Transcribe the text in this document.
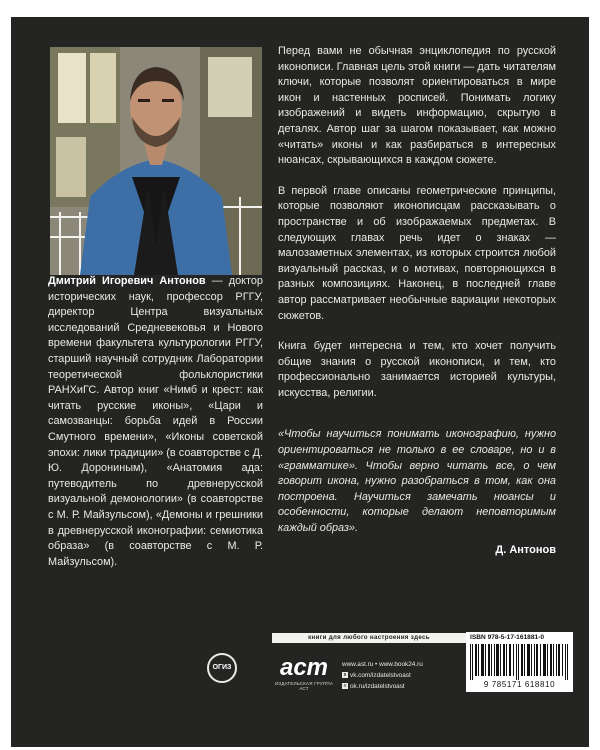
Дмитрий Игоревич Антонов — доктор исторических наук, профессор РГГУ, директор Центра визуальных исследований Средневековья и Нового времени факультета культурологии РГГУ, старший научный сотрудник Лаборатории теоретической фольклористики РАНХиГС. Автор книг «Нимб и крест: как читать русские иконы», «Цари и самозванцы: борьба идей в России Смутного времени», «Иконы советской эпохи: лики традиции» (в соавторстве с Д. Ю. Дорониным), «Анатомия ада: путеводитель по древнерусской визуальной демонологии» (в соавторстве с М. Р. Майзульсом), «Демоны и грешники в древнерусской иконографии: семиотика образа» (в соавторстве с М. Р. Майзульсом).

Перед вами не обычная энциклопедия по русской иконописи. Главная цель этой книги — дать читателям ключи, которые позволят ориентироваться в мире икон и настенных росписей. Понимать логику изображений и видеть информацию, скрытую в деталях. Автор шаг за шагом показывает, как можно «читать» иконы и как разбираться в интересных нюансах, скрывающихся в каждом сюжете.

В первой главе описаны геометрические принципы, которые позволяют иконописцам рассказывать о пространстве и об изображаемых предметах. В следующих главах речь идет о знаках — малозаметных элементах, из которых строится любой визуальный рассказ, и о мотивах, повторяющихся в разных композициях. Наконец, в последней главе автор рассматривает необычные вариации некоторых сюжетов.

Книга будет интересна и тем, кто хочет получить общие знания о русской иконописи, и тем, кто профессионально занимается историей культуры, искусства, религии.

«Чтобы научиться понимать иконографию, нужно ориентироваться не только в ее словаре, но и в «грамматике». Чтобы верно читать все, о чем говорит икона, нужно разобраться в том, как она построена. Научиться замечать нюансы и особенности, которые делают неповторимым каждый образ».

Д. Антонов
ОГИЗ
книги для любого настроения здесь
аст
ИЗДАТЕЛЬСКАЯ ГРУППА АСТ
www.ast.ru • www.book24.ru
в vk.com/izdatelstvoast
о ok.ru/izdatelstvoast
ISBN 978-5-17-161881-0
9 785171 618810
